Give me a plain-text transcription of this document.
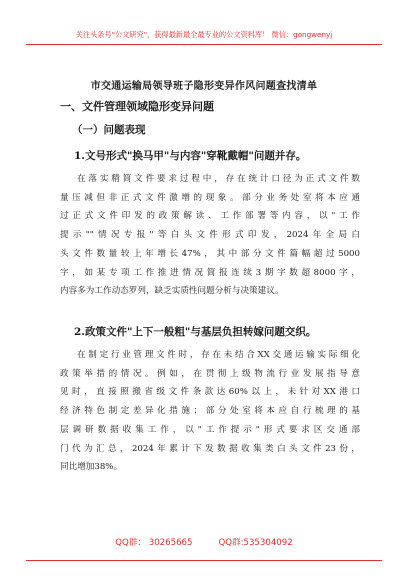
关注头条号"公文研究"，获得最新最全最专业的公文资料库！ 微信：gongwenyj
市交通运输局领导班子隐形变异作风问题查找清单
一、文件管理领域隐形变异问题
（一）问题表现
1.文号形式"换马甲"与内容"穿靴戴帽"问题并存。
在落实精简文件要求过程中，存在统计口径为正式文件数
量压减但非正式文件激增的现象。部分业务处室将本应通
过正式文件印发的政策解读、工作部署等内容，以"工作
提示""情况专报"等白头文件形式印发，2024年全局白
头文件数量较上年增长47%，其中部分文件篇幅超过5000
字，如某专项工作推进情况简报连续3期字数超8000字，
内容多为工作动态罗列，缺乏实质性问题分析与决策建议。
2.政策文件"上下一般粗"与基层负担转嫁问题交织。
在制定行业管理文件时，存在未结合XX交通运输实际细化
政策举措的情况。例如，在贯彻上级物流行业发展指导意
见时，直接照搬省级文件条款达60%以上，未针对XX港口
经济特色制定差异化措施；部分处室将本应自行梳理的基
层调研数据收集工作，以"工作提示"形式要求区交通部
门代为汇总，2024年累计下发数据收集类白头文件23份，
同比增加38%。
QQ群： 30265665	QQ群:535304092
